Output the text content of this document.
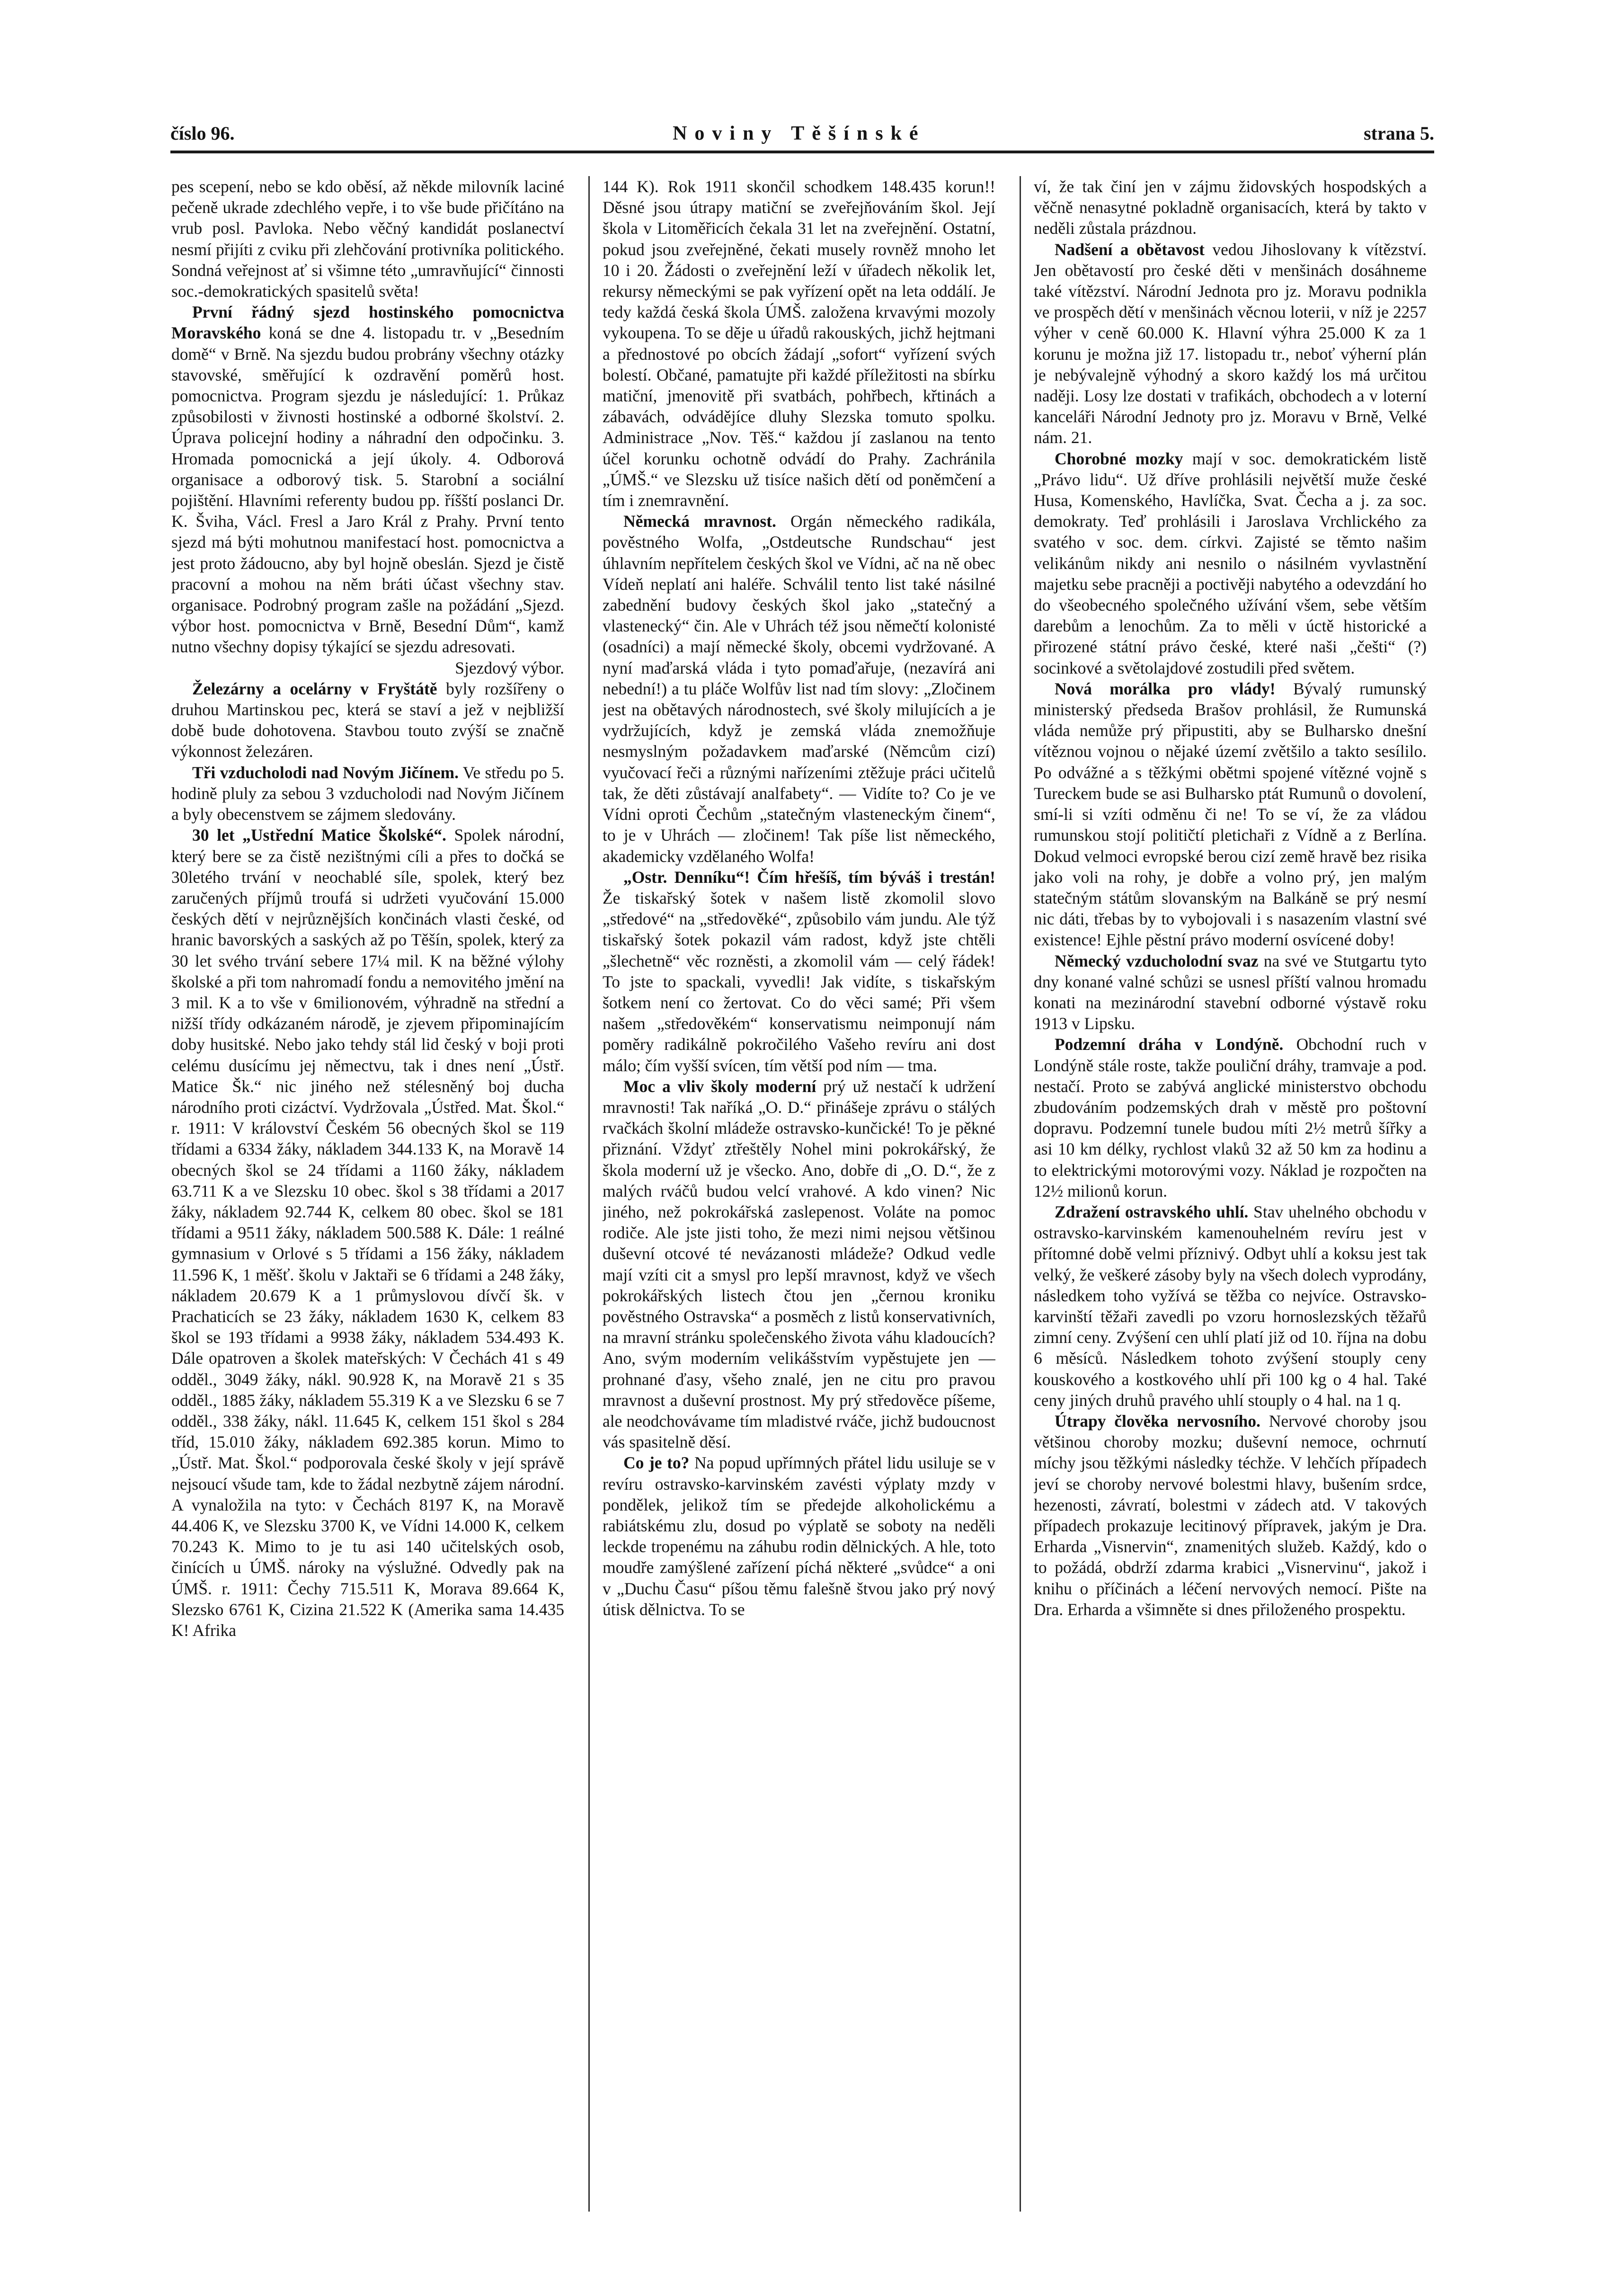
číslo 96.	Noviny Těšínské	strana 5.

pes scepení, nebo se kdo oběsí, až někde milovník laciné pečeně ukrade zdechlého vepře, i to vše bude přičítáno na vrub posl. Pavloka. Nebo věčný kandidát poslanectví nesmí přijíti z cviku při zlehčování protivníka politického. Sondná veřejnost ať si všimne této „umravňující“ činnosti soc.-demokratických spasitelů světa!

První řádný sjezd hostinského pomocnictva Moravského koná se dne 4. listopadu tr. v „Besedním domě“ v Brně. Na sjezdu budou probrány všechny otázky stavovské, směřující k ozdravění poměrů host. pomocnictva. Program sjezdu je následující: 1. Průkaz způsobilosti v živnosti hostinské a odborné školství. 2. Úprava policejní hodiny a náhradní den odpočinku. 3. Hromada pomocnická a její úkoly. 4. Odborová organisace a odborový tisk. 5. Starobní a sociální pojištění. Hlavními referenty budou pp. říšští poslanci Dr. K. Šviha, Václ. Fresl a Jaro Král z Prahy. První tento sjezd má býti mohutnou manifestací host. pomocnictva a jest proto žádoucno, aby byl hojně obeslán. Sjezd je čistě pracovní a mohou na něm bráti účast všechny stav. organisace. Podrobný program zašle na požádání „Sjezd. výbor host. pomocnictva v Brně, Besední Dům“, kamž nutno všechny dopisy týkající se sjezdu adresovati.

Sjezdový výbor.

Železárny a ocelárny v Fryštátě byly rozšířeny o druhou Martinskou pec, která se staví a jež v nejbližší době bude dohotovena. Stavbou touto zvýší se značně výkonnost železáren.

Tři vzducholodi nad Novým Jičínem. Ve středu po 5. hodině pluly za sebou 3 vzducholodi nad Novým Jičínem a byly obecenstvem se zájmem sledovány.

30 let „Ustřední Matice Školské“. Spolek národní, který bere se za čistě nezištnými cíli a přes to dočká se 30letého trvání v neochablé síle, spolek, který bez zaručených příjmů troufá si udržeti vyučování 15.000 českých dětí v nejrůznějších končinách vlasti české, od hranic bavorských a saských až po Těšín, spolek, který za 30 let svého trvání sebere 17¼ mil. K na běžné výlohy školské a při tom nahromadí fondu a nemovitého jmění na 3 mil. K a to vše v 6milionovém, výhradně na střední a nižší třídy odkázaném národě, je zjevem připominajícím doby husitské. Nebo jako tehdy stál lid český v boji proti celému dusícímu jej němectvu, tak i dnes není „Ústř. Matice Šk.“ nic jiného než stélesněný boj ducha národního proti cizáctví. Vydržovala „Ústřed. Mat. Škol.“ r. 1911: V království Českém 56 obecných škol se 119 třídami a 6334 žáky, nákladem 344.133 K, na Moravě 14 obecných škol se 24 třídami a 1160 žáky, nákladem 63.711 K a ve Slezsku 10 obec. škol s 38 třídami a 2017 žáky, nákladem 92.744 K, celkem 80 obec. škol se 181 třídami a 9511 žáky, nákladem 500.588 K. Dále: 1 reálné gymnasium v Orlové s 5 třídami a 156 žáky, nákladem 11.596 K, 1 měšť. školu v Jaktaři se 6 třídami a 248 žáky, nákladem 20.679 K a 1 průmyslovou dívčí šk. v Prachaticích se 23 žáky, nákladem 1630 K, celkem 83 škol se 193 třídami a 9938 žáky, nákladem 534.493 K. Dále opatroven a školek mateřských: V Čechách 41 s 49 odděl., 3049 žáky, nákl. 90.928 K, na Moravě 21 s 35 odděl., 1885 žáky, nákladem 55.319 K a ve Slezsku 6 se 7 odděl., 338 žáky, nákl. 11.645 K, celkem 151 škol s 284 tříd, 15.010 žáky, nákladem 692.385 korun. Mimo to „Ústř. Mat. Škol.“ podporovala české školy v její správě nejsoucí všude tam, kde to žádal nezbytně zájem národní. A vynaložila na tyto: v Čechách 8197 K, na Moravě 44.406 K, ve Slezsku 3700 K, ve Vídni 14.000 K, celkem 70.243 K. Mimo to je tu asi 140 učitelských osob, činících u ÚMŠ. nároky na výslužné. Odvedly pak na ÚMŠ. r. 1911: Čechy 715.511 K, Morava 89.664 K, Slezsko 6761 K, Cizina 21.522 K (Amerika sama 14.435 K! Afrika

144 K). Rok 1911 skončil schodkem 148.435 korun!! Děsné jsou útrapy matiční se zveřejňováním škol. Její škola v Litoměřicích čekala 31 let na zveřejnění. Ostatní, pokud jsou zveřejněné, čekati musely rovněž mnoho let 10 i 20. Žádosti o zveřejnění leží v úřadech několik let, rekursy německými se pak vyřízení opět na leta oddálí. Je tedy každá česká škola ÚMŠ. založena krvavými mozoly vykoupena. To se děje u úřadů rakouských, jichž hejtmani a přednostové po obcích žádají „sofort“ vyřízení svých bolestí. Občané, pamatujte při každé příležitosti na sbírku matiční, jmenovitě při svatbách, pohřbech, křtinách a zábavách, odvádějíce dluhy Slezska tomuto spolku. Administrace „Nov. Těš.“ každou jí zaslanou na tento účel korunku ochotně odvádí do Prahy. Zachránila „ÚMŠ.“ ve Slezsku už tisíce našich dětí od poněmčení a tím i znemravnění.

Německá mravnost. Orgán německého radikála, pověstného Wolfa, „Ostdeutsche Rundschau“ jest úhlavním nepřítelem českých škol ve Vídni, ač na ně obec Vídeň neplatí ani haléře. Schválil tento list také násilné zabednění budovy českých škol jako „statečný a vlastenecký“ čin. Ale v Uhrách též jsou němečtí kolonisté (osadníci) a mají německé školy, obcemi vydržované. A nyní maďarská vláda i tyto pomaďařuje, (nezavírá ani nebední!) a tu pláče Wolfův list nad tím slovy: „Zločinem jest na obětavých národnostech, své školy milujících a je vydržujících, když je zemská vláda znemožňuje nesmyslným požadavkem maďarské (Němcům cizí) vyučovací řeči a různými nařízeními ztěžuje práci učitelů tak, že děti zůstávají analfabety“. — Vidíte to? Co je ve Vídni oproti Čechům „statečným vlasteneckým činem“, to je v Uhrách — zločinem! Tak píše list německého, akademicky vzdělaného Wolfa!

„Ostr. Denníku“! Čím hřešíš, tím býváš i trestán! Že tiskařský šotek v našem listě zkomolil slovo „středové“ na „středověké“, způsobilo vám jundu. Ale týž tiskařský šotek pokazil vám radost, když jste chtěli „šlechetně“ věc rozněsti, a zkomolil vám — celý řádek! To jste to spackali, vyvedli! Jak vidíte, s tiskařským šotkem není co žertovat. Co do věci samé; Při všem našem „středověkém“ konservatismu neimponují nám poměry radikálně pokročilého Vašeho revíru ani dost málo; čím vyšší svícen, tím větší pod ním — tma.

Moc a vliv školy moderní prý už nestačí k udržení mravnosti! Tak naříká „O. D.“ přinášeje zprávu o stálých rvačkách školní mládeže ostravsko-kunčické! To je pěkné přiznání. Vždyť ztřeštěly Nohel mini pokrokářský, že škola moderní už je všecko. Ano, dobře di „O. D.“, že z malých rváčů budou velcí vrahové. A kdo vinen? Nic jiného, než pokrokářská zaslepenost. Voláte na pomoc rodiče. Ale jste jisti toho, že mezi nimi nejsou většinou duševní otcové té nevázanosti mládeže? Odkud vedle mají vzíti cit a smysl pro lepší mravnost, když ve všech pokrokářských listech čtou jen „černou kroniku pověstného Ostravska“ a posměch z listů konservativních, na mravní stránku společenského života váhu kladoucích? Ano, svým moderním velikášstvím vypěstujete jen — prohnané ďasy, všeho znalé, jen ne citu pro pravou mravnost a duševní prostnost. My prý středověce píšeme, ale neodchovávame tím mladistvé rváče, jichž budoucnost vás spasitelně děsí.

Co je to? Na popud upřímných přátel lidu usiluje se v revíru ostravsko-karvinském zavésti výplaty mzdy v pondělek, jelikož tím se předejde alkoholickému a rabiátskému zlu, dosud po výplatě se soboty na neděli leckde tropenému na záhubu rodin dělnických. A hle, toto moudře zamýšlené zařízení píchá některé „svůdce“ a oni v „Duchu Času“ píšou těmu falešně štvou jako prý nový útisk dělnictva. To se

ví, že tak činí jen v zájmu židovských hospodských a věčně nenasytné pokladně organisacích, která by takto v neděli zůstala prázdnou.

Nadšení a obětavost vedou Jihoslovany k vítězství. Jen obětavostí pro české děti v menšinách dosáhneme také vítězství. Národní Jednota pro jz. Moravu podnikla ve prospěch dětí v menšinách věcnou loterii, v níž je 2257 výher v ceně 60.000 K. Hlavní výhra 25.000 K za 1 korunu je možna již 17. listopadu tr., neboť výherní plán je nebývalejně výhodný a skoro každý los má určitou naději. Losy lze dostati v trafikách, obchodech a v loterní kanceláři Národní Jednoty pro jz. Moravu v Brně, Velké nám. 21.

Chorobné mozky mají v soc. demokratickém listě „Právo lidu“. Už dříve prohlásili největší muže české Husa, Komenského, Havlíčka, Svat. Čecha a j. za soc. demokraty. Teď prohlásili i Jaroslava Vrchlického za svatého v soc. dem. církvi. Zajisté se těmto našim velikánům nikdy ani nesnilo o násilném vyvlastnění majetku sebe pracněji a poctivěji nabytého a odevzdání ho do všeobecného společného užívání všem, sebe větším darebům a lenochům. Za to měli v úctě historické a přirozené státní právo české, které naši „češti“ (?) socinkové a světolajdové zostudili před světem.

Nová morálka pro vlády! Bývalý rumunský ministerský předseda Brašov prohlásil, že Rumunská vláda nemůže prý připustiti, aby se Bulharsko dnešní vítěznou vojnou o nějaké území zvětšilo a takto sesílilo. Po odvážné a s těžkými obětmi spojené vítězné vojně s Tureckem bude se asi Bulharsko ptát Rumunů o dovolení, smí-li si vzíti odměnu či ne! To se ví, že za vládou rumunskou stojí političtí pletichaři z Vídně a z Berlína. Dokud velmoci evropské berou cizí země hravě bez risika jako voli na rohy, je dobře a volno prý, jen malým statečným státům slovanským na Balkáně se prý nesmí nic dáti, třebas by to vybojovali i s nasazením vlastní své existence! Ejhle pěstní právo moderní osvícené doby!

Německý vzducholodní svaz na své ve Stutgartu tyto dny konané valné schůzi se usnesl příští valnou hromadu konati na mezinárodní stavební odborné výstavě roku 1913 v Lipsku.

Podzemní dráha v Londýně. Obchodní ruch v Londýně stále roste, takže pouliční dráhy, tramvaje a pod. nestačí. Proto se zabývá anglické ministerstvo obchodu zbudováním podzemských drah v městě pro poštovní dopravu. Podzemní tunele budou míti 2½ metrů šířky a asi 10 km délky, rychlost vlaků 32 až 50 km za hodinu a to elektrickými motorovými vozy. Náklad je rozpočten na 12½ milionů korun.

Zdražení ostravského uhlí. Stav uhelného obchodu v ostravsko-karvinském kamenouhelném revíru jest v přítomné době velmi příznivý. Odbyt uhlí a koksu jest tak velký, že veškeré zásoby byly na všech dolech vyprodány, následkem toho vyžívá se těžba co nejvíce. Ostravsko-karvinští těžaři zavedli po vzoru hornoslezských těžařů zimní ceny. Zvýšení cen uhlí platí již od 10. října na dobu 6 měsíců. Následkem tohoto zvýšení stouply ceny kouskového a kostkového uhlí při 100 kg o 4 hal. Také ceny jiných druhů pravého uhlí stouply o 4 hal. na 1 q.

Útrapy člověka nervosního. Nervové choroby jsou většinou choroby mozku; duševní nemoce, ochrnutí míchy jsou těžkými následky téchže. V lehčích případech jeví se choroby nervové bolestmi hlavy, bušením srdce, hezenosti, závratí, bolestmi v zádech atd. V takových případech prokazuje lecitinový přípravek, jakým je Dra. Erharda „Visnervin“, znamenitých služeb. Každý, kdo o to požádá, obdrží zdarma krabici „Visnervinu“, jakož i knihu o příčinách a léčení nervových nemocí. Pište na Dra. Erharda a všimněte si dnes přiloženého prospektu.
